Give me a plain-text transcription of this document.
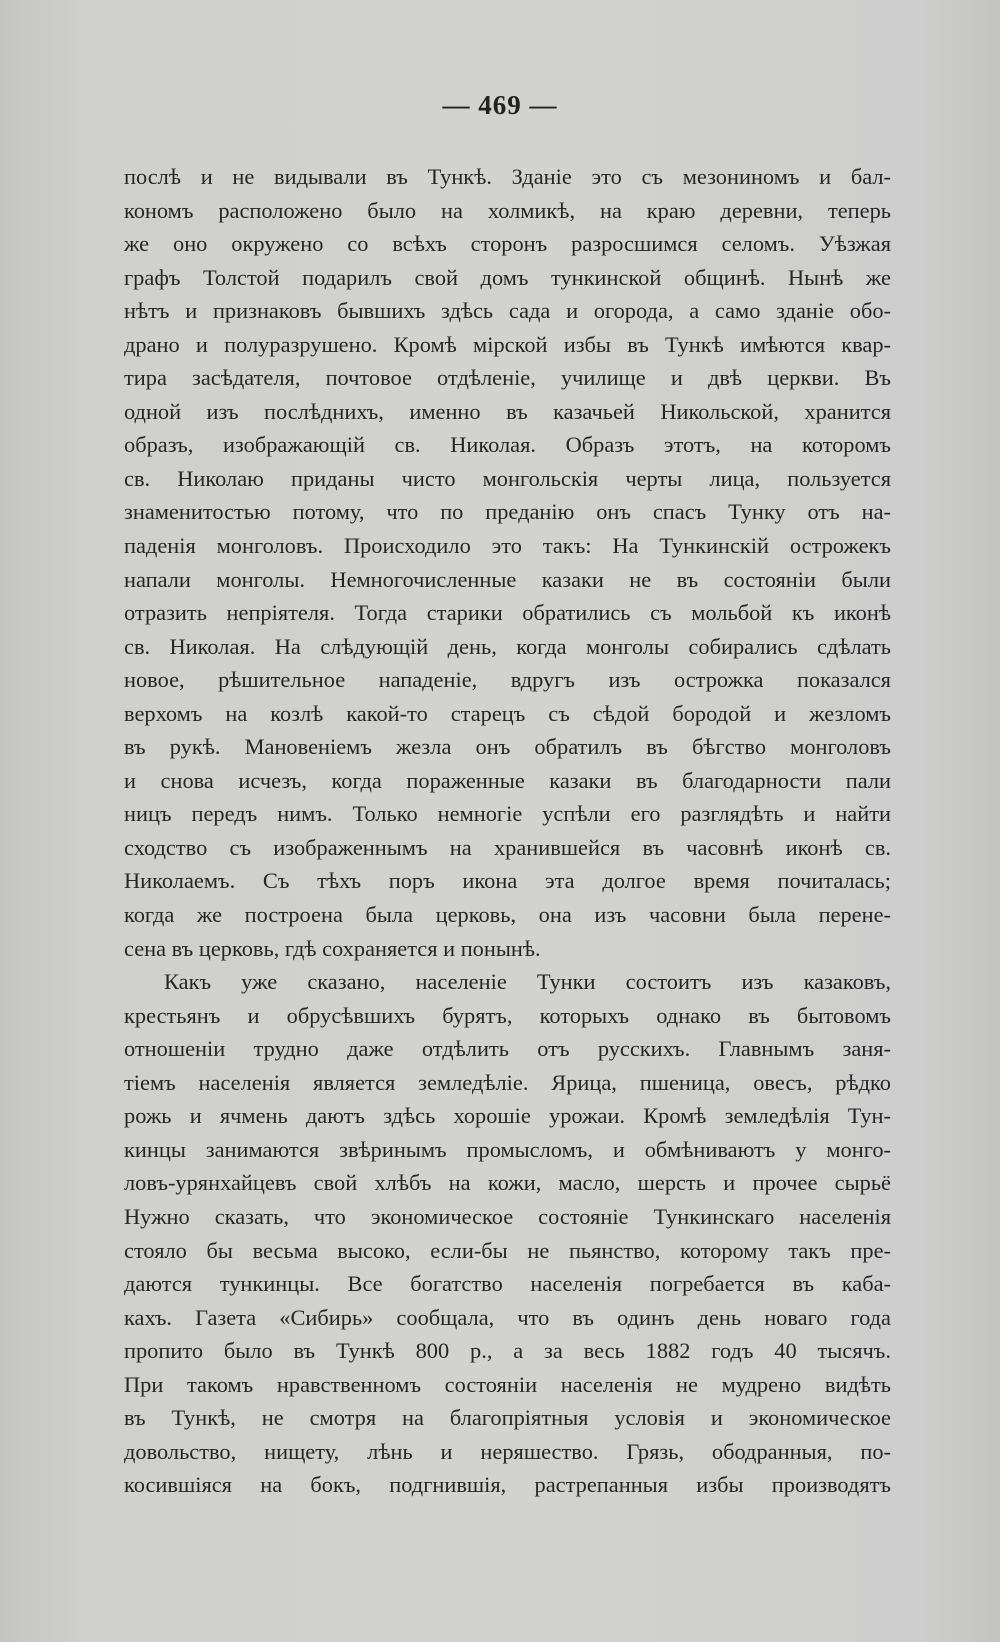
— 469 —
послѣ и не видывали въ Тункѣ. Зданіе это съ мезониномъ и бал-
кономъ расположено было на холмикѣ, на краю деревни, теперь
же оно окружено со всѣхъ сторонъ разросшимся селомъ. Уѣзжая
графъ Толстой подарилъ свой домъ тункинской общинѣ. Нынѣ же
нѣтъ и признаковъ бывшихъ здѣсь сада и огорода, а само зданіе обо-
драно и полуразрушено. Кромѣ мірской избы въ Тункѣ имѣются квар-
тира засѣдателя, почтовое отдѣленіе, училище и двѣ церкви. Въ
одной изъ послѣднихъ, именно въ казачьей Никольской, хранится
образъ, изображающій св. Николая. Образъ этотъ, на которомъ
св. Николаю приданы чисто монгольскія черты лица, пользуется
знаменитостью потому, что по преданію онъ спасъ Тунку отъ на-
паденія монголовъ. Происходило это такъ: На Тункинскій острожекъ
напали монголы. Немногочисленные казаки не въ состояніи были
отразить непріятеля. Тогда старики обратились съ мольбой къ иконѣ
св. Николая. На слѣдующій день, когда монголы собирались сдѣлать
новое, рѣшительное нападеніе, вдругъ изъ острожка показался
верхомъ на козлѣ какой-то старецъ съ сѣдой бородой и жезломъ
въ рукѣ. Мановеніемъ жезла онъ обратилъ въ бѣгство монголовъ
и снова исчезъ, когда пораженные казаки въ благодарности пали
ницъ передъ нимъ. Только немногіе успѣли его разглядѣть и найти
сходство съ изображеннымъ на хранившейся въ часовнѣ иконѣ св.
Николаемъ. Съ тѣхъ поръ икона эта долгое время почиталась;
когда же построена была церковь, она изъ часовни была перене-
сена въ церковь, гдѣ сохраняется и понынѣ.
Какъ уже сказано, населеніе Тунки состоитъ изъ казаковъ,
крестьянъ и обрусѣвшихъ бурятъ, которыхъ однако въ бытовомъ
отношеніи трудно даже отдѣлить отъ русскихъ. Главнымъ заня-
тіемъ населенія является земледѣліе. Ярица, пшеница, овесъ, рѣдко
рожь и ячмень даютъ здѣсь хорошіе урожаи. Кромѣ земледѣлія Тун-
кинцы занимаются звѣринымъ промысломъ, и обмѣниваютъ у монго-
ловъ-урянхайцевъ свой хлѣбъ на кожи, масло, шерсть и прочее сырьё
Нужно сказать, что экономическое состояніе Тункинскаго населенія
стояло бы весьма высоко, если-бы не пьянство, которому такъ пре-
даются тункинцы. Все богатство населенія погребается въ каба-
кахъ. Газета «Сибирь» сообщала, что въ одинъ день новаго года
пропито было въ Тункѣ 800 р., а за весь 1882 годъ 40 тысячъ.
При такомъ нравственномъ состояніи населенія не мудрено видѣть
въ Тункѣ, не смотря на благопріятныя условія и экономическое
довольство, нищету, лѣнь и неряшество. Грязь, ободранныя, по-
косившіяся на бокъ, подгнившія, растрепанныя избы производятъ
